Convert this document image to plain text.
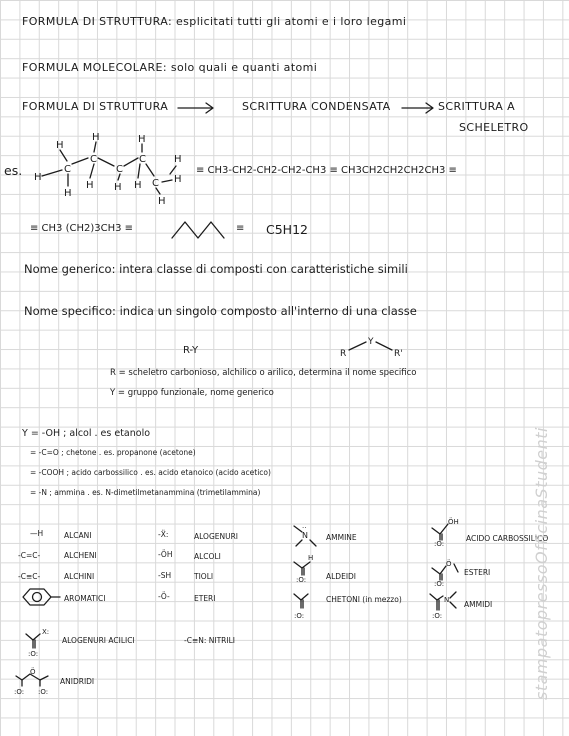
FORMULA DI STRUTTURA: esplicitati tutti gli atomi e i loro legami
FORMULA MOLECOLARE: solo quali e quanti atomi
FORMULA DI STRUTTURA	SCRITTURA CONDENSATA	SCRITTURA A
SCHELETRO
es. H
C
C
C
C
C H
H
H	H
H
H H H
H
H
≡ CH3-CH2-CH2-CH2-CH3 ≡ CH3CH2CH2CH2CH3 ≡
≡ CH3 (CH2)3CH3 ≡	≡ C5H12
Nome generico: intera classe di composti con caratteristiche simili
Nome specifico: indica un singolo composto all'interno di una classe
R-Y	R
Y
R'
R = scheletro carbonioso, alchilico o arilico, determina il nome specifico
Y = gruppo funzionale, nome generico
Y = -OH ; alcol . es etanolo
= -C=O ; chetone . es. propanone (acetone)
= -COOH ; acido carbossilico . es. acido etanoico (acido acetico)
= -N ; ammina . es. N-dimetilmetanammina (trimetilammina)
—H	ALCANI
-C=C-	ALCHENI
-C≡C-	ALCHINI
AROMATICI
-Ẍ:	ALOGENURI
-ÖH	ALCOLI
-SH	TIOLI
-Ö-	ETERI
N
..
AMMINE
H
:O:	ALDEIDI
:O:
CHETONI (in mezzo)
ÖH
:O:
ACIDO CARBOSSILICO
Ö
:O:
ESTERI
N
:O:
AMMIDI
X:
:O:
ALOGENURI ACILICI	-C≡N: NITRILI
Ö
:O: :O:
ANIDRIDI	stampatopressoOfficinaStudenti
